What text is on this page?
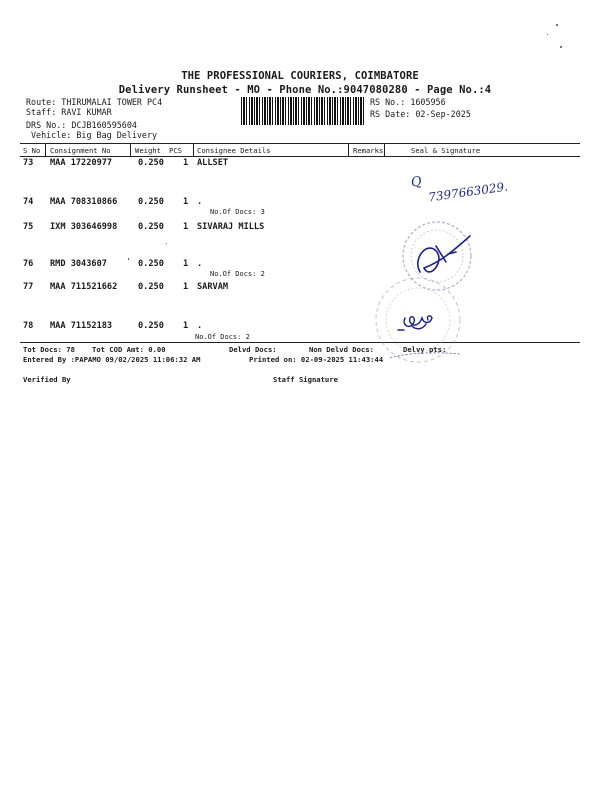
THE PROFESSIONAL COURIERS, COIMBATORE
Delivery Runsheet - MO - Phone No.:9047080280 - Page No.:4
Route: THIRUMALAI TOWER PC4
Staff: RAVI KUMAR
DRS No.: DCJB160595604
Vehicle: Big Bag Delivery
RS No.: 1605956
RS Date: 02-Sep-2025
S No Consignment No	Weight PCS Consignee Details	Remarks	Seal & Signature
73 MAA 17220977	0.250 1 ALLSET
74 MAA 708310866 0.250 1 .
No.Of Docs: 3
75 IXM 303646998 0.250 1 SIVARAJ MILLS
76 RMD 3043607	0.250 1 .
No.Of Docs: 2
77 MAA 711521662 0.250 1 SARVAM
78 MAA 71152183	0.250 1 .
No.Of Docs: 2
Tot Docs: 78 Tot COD Amt: 0.00	Delvd Docs:	Non Delvd Docs:	Delvy pts:
Entered By :PAPAMO 09/02/2025 11:06:32 AM	Printed on: 02-09-2025 11:43:44
Verified By	Staff Signature
Q 7397663029.
